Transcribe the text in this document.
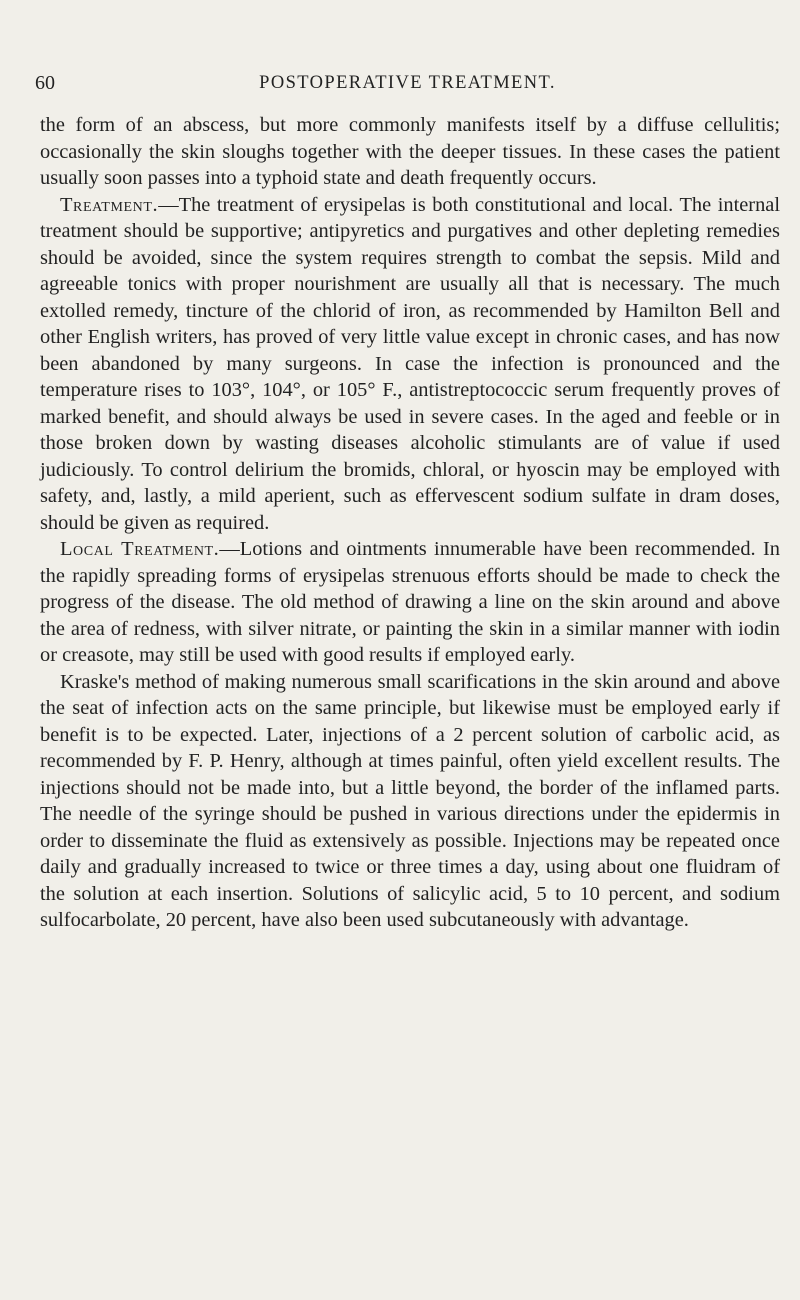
60	POSTOPERATIVE TREATMENT.

the form of an abscess, but more commonly manifests itself by a diffuse cellulitis; occasionally the skin sloughs together with the deeper tissues. In these cases the patient usually soon passes into a typhoid state and death frequently occurs.

Treatment.—The treatment of erysipelas is both constitutional and local. The internal treatment should be supportive; antipyretics and purgatives and other depleting remedies should be avoided, since the system requires strength to combat the sepsis. Mild and agreeable tonics with proper nourishment are usually all that is necessary. The much extolled remedy, tincture of the chlorid of iron, as recommended by Hamilton Bell and other English writers, has proved of very little value except in chronic cases, and has now been abandoned by many surgeons. In case the infection is pronounced and the temperature rises to 103°, 104°, or 105° F., antistreptococcic serum frequently proves of marked benefit, and should always be used in severe cases. In the aged and feeble or in those broken down by wasting diseases alcoholic stimulants are of value if used judiciously. To control delirium the bromids, chloral, or hyoscin may be employed with safety, and, lastly, a mild aperient, such as effervescent sodium sulfate in dram doses, should be given as required.

Local Treatment.—Lotions and ointments innumerable have been recommended. In the rapidly spreading forms of erysipelas strenuous efforts should be made to check the progress of the disease. The old method of drawing a line on the skin around and above the area of redness, with silver nitrate, or painting the skin in a similar manner with iodin or creasote, may still be used with good results if employed early.

Kraske's method of making numerous small scarifications in the skin around and above the seat of infection acts on the same principle, but likewise must be employed early if benefit is to be expected. Later, injections of a 2 percent solution of carbolic acid, as recommended by F. P. Henry, although at times painful, often yield excellent results. The injections should not be made into, but a little beyond, the border of the inflamed parts. The needle of the syringe should be pushed in various directions under the epidermis in order to disseminate the fluid as extensively as possible. Injections may be repeated once daily and gradually increased to twice or three times a day, using about one fluidram of the solution at each insertion. Solutions of salicylic acid, 5 to 10 percent, and sodium sulfocarbolate, 20 percent, have also been used subcutaneously with advantage.
